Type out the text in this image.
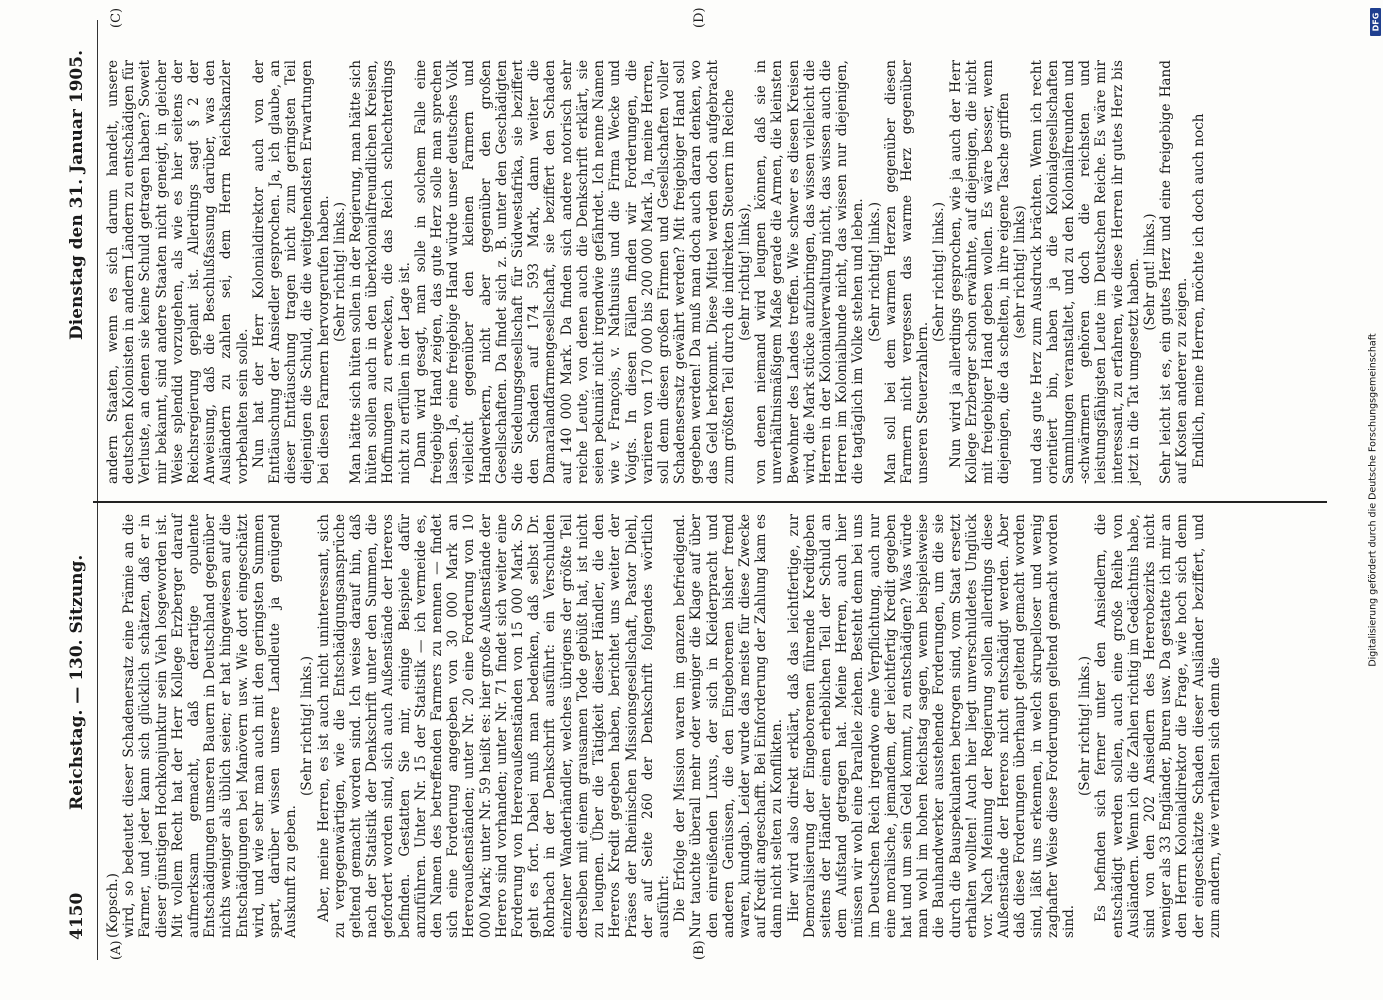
4150
Reichstag. — 130. Sitzung.
Dienstag den 31. Januar 1905.
(A)	(B)
(C)	(D)

(Kopsch.) wird, so bedeutet dieser Schadenersatz eine Prämie an die Farmer, und jeder kann sich glücklich schätzen, daß er in dieser günstigen Hochkonjunktur sein Vieh losgeworden ist. Mit vollem Recht hat der Herr Kollege Erzberger darauf aufmerksam gemacht, daß derartige opulente Entschädigungen unseren Bauern in Deutschland gegenüber nichts weniger als üblich seien; er hat hingewiesen auf die Entschädigungen bei Manövern usw. Wie dort eingeschätzt wird, und wie sehr man auch mit den geringsten Summen spart, darüber wissen unsere Landleute ja genügend Auskunft zu geben.

(Sehr richtig! links.) Aber, meine Herren, es ist auch nicht uninteressant, sich zu vergegenwärtigen, wie die Entschädigungsansprüche geltend gemacht worden sind. Ich weise darauf hin, daß nach der Statistik der Denkschrift unter den Summen, die gefordert worden sind, sich auch Außenstände der Hereros befinden. Gestatten Sie mir, einige Beispiele dafür anzuführen. Unter Nr. 15 der Statistik — ich vermeide es, den Namen des betreffenden Farmers zu nennen — findet sich eine Forderung angegeben von 30 000 Mark an Hereroaußenständen; unter Nr. 20 eine Forderung von 10 000 Mark; unter Nr. 59 heißt es: hier große Außenstände der Herero sind vorhanden; unter Nr. 71 findet sich weiter eine Forderung von Hereroaußenständen von 15 000 Mark. So geht es fort. Dabei muß man bedenken, daß selbst Dr. Rohrbach in der Denkschrift ausführt: ein Verschulden einzelner Wanderhändler, welches übrigens der größte Teil derselben mit einem grausamen Tode gebüßt hat, ist nicht zu leugnen. Über die Tätigkeit dieser Händler, die den Hereros Kredit gegeben haben, berichtet uns weiter der Präses der Rheinischen Missionsgesellschaft, Pastor Diehl, der auf Seite 260 der Denkschrift folgendes wörtlich ausführt: Die Erfolge der Mission waren im ganzen befriedigend. Nur tauchte überall mehr oder weniger die Klage auf über den einreißenden Luxus, der sich in Kleiderpracht und anderen Genüssen, die den Eingeborenen bisher fremd waren, kundgab. Leider wurde das meiste für diese Zwecke auf Kredit angeschafft. Bei Einforderung der Zahlung kam es dann nicht selten zu Konflikten. Hier wird also direkt erklärt, daß das leichtfertige, zur Demoralisierung der Eingeborenen führende Kreditgeben seitens der Händler einen erheblichen Teil der Schuld an dem Aufstand getragen hat. Meine Herren, auch hier müssen wir wohl eine Parallele ziehen. Besteht denn bei uns im Deutschen Reich irgendwo eine Verpflichtung, auch nur eine moralische, jemandem, der leichtfertig Kredit gegeben hat und um sein Geld kommt, zu entschädigen? Was würde man wohl im hohen Reichstag sagen, wenn beispielsweise die Bauhandwerker ausstehende Forderungen, um die sie durch die Bauspekulanten betrogen sind, vom Staat ersetzt erhalten wollten! Auch hier liegt unverschuldetes Unglück vor. Nach Meinung der Regierung sollen allerdings diese Außenstände der Hereros nicht entschädigt werden. Aber daß diese Forderungen überhaupt geltend gemacht worden sind, läßt uns erkennen, in welch skrupelloser und wenig zaghafter Weise diese Forderungen geltend gemacht worden sind.

(Sehr richtig! links.) Es befinden sich ferner unter den Ansiedlern, die entschädigt werden sollen, auch eine große Reihe von Ausländern. Wenn ich die Zahlen richtig im Gedächtnis habe, sind von den 202 Ansiedlern des Hererobezirks nicht weniger als 33 Engländer, Buren usw. Da gestatte ich mir an den Herrn Kolonialdirektor die Frage, wie hoch sich denn der eingeschätzte Schaden dieser Ausländer beziffert, und zum andern, wie verhalten sich denn die

andern Staaten, wenn es sich darum handelt, unsere deutschen Kolonisten in andern Ländern zu entschädigen für Verluste, an denen sie keine Schuld getragen haben? Soweit mir bekannt, sind andere Staaten nicht geneigt, in gleicher Weise splendid vorzugehen, als wie es hier seitens der Reichsregierung geplant ist. Allerdings sagt § 2 der Anweisung, daß die Beschlußfassung darüber, was den Ausländern zu zahlen sei, dem Herrn Reichskanzler vorbehalten sein solle. Nun hat der Herr Kolonialdirektor auch von der Enttäuschung der Ansiedler gesprochen. Ja, ich glaube, an dieser Enttäuschung tragen nicht zum geringsten Teil diejenigen die Schuld, die die weitgehendsten Erwartungen bei diesen Farmern hervorgerufen haben. (Sehr richtig! links.) Man hätte sich hüten sollen in der Regierung, man hätte sich hüten sollen auch in den überkolonialfreundlichen Kreisen, Hoffnungen zu erwecken, die das Reich schlechterdings nicht zu erfüllen in der Lage ist. Dann wird gesagt, man solle in solchem Falle eine freigebige Hand zeigen, das gute Herz solle man sprechen lassen. Ja, eine freigebige Hand würde unser deutsches Volk vielleicht gegenüber den kleinen Farmern und Handwerkern, nicht aber gegenüber den großen Gesellschaften. Da findet sich z. B. unter den Geschädigten die Siedelungsgesellschaft für Südwestafrika, sie beziffert den Schaden auf 174 593 Mark, dann weiter die Damaralandfarmengesellschaft, sie beziffert den Schaden auf 140 000 Mark. Da finden sich andere notorisch sehr reiche Leute, von denen auch die Denkschrift erklärt, sie seien pekuniär nicht irgendwie gefährdet. Ich nenne Namen wie v. François, v. Nathusius und die Firma Wecke und Voigts. In diesen Fällen finden wir Forderungen, die variieren von 170 000 bis 200 000 Mark. Ja, meine Herren, soll denn diesen großen Firmen und Gesellschaften voller Schadensersatz gewährt werden? Mit freigebiger Hand soll gegeben werden! Da muß man doch auch daran denken, wo das Geld herkommt. Diese Mittel werden doch aufgebracht zum größten Teil durch die indirekten Steuern im Reiche (sehr richtig! links), von denen niemand wird leugnen können, daß sie in unverhältnismäßigem Maße gerade die Armen, die kleinsten Bewohner des Landes treffen. Wie schwer es diesen Kreisen wird, die Mark stücke aufzubringen, das wissen vielleicht die Herren in der Kolonialverwaltung nicht, das wissen auch die Herren im Kolonialbunde nicht, das wissen nur diejenigen, die tagtäglich im Volke stehen und leben. (Sehr richtig! links.) Man soll bei dem warmen Herzen gegenüber diesen Farmern nicht vergessen das warme Herz gegenüber unseren Steuerzahlern.

(Sehr richtig! links.) Nun wird ja allerdings gesprochen, wie ja auch der Herr Kollege Erzberger schon erwähnte, auf diejenigen, die nicht mit freigebiger Hand geben wollen. Es wäre besser, wenn diejenigen, die da schelten, in ihre eigene Tasche griffen (sehr richtig! links) und das gute Herz zum Ausdruck brächten. Wenn ich recht orientiert bin, haben ja die Kolonialgesellschaften Sammlungen veranstaltet, und zu den Kolonialfreunden und -schwärmern gehören doch die reichsten und leistungsfähigsten Leute im Deutschen Reiche. Es wäre mir interessant, zu erfahren, wie diese Herren ihr gutes Herz bis jetzt in die Tat umgesetzt haben. (Sehr gut! links.) Sehr leicht ist es, ein gutes Herz und eine freigebige Hand auf Kosten anderer zu zeigen. Endlich, meine Herren, möchte ich doch auch noch

DFG
Digitalisierung gefördert durch die Deutsche Forschungsgemeinschaft
